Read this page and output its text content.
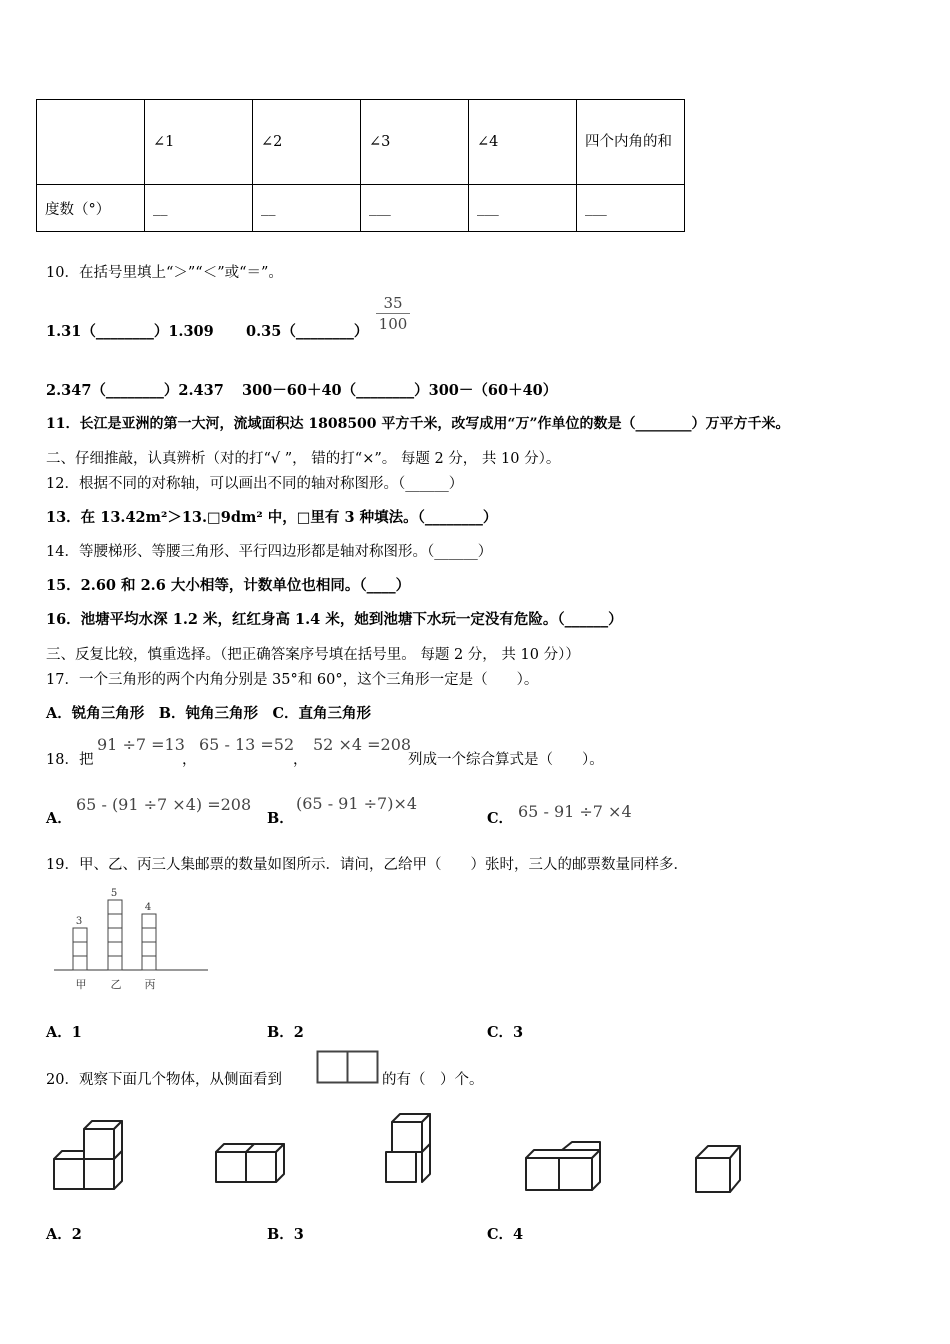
	∠1	∠2	∠3	∠4	四个内角的和
度数（°）	__	__	___	___	___
10．在括号里填上“＞”“＜”或“＝”。
1.31（________）1.309 0.35（________）
35
100
2.347（________）2.437 300－60＋40（________）300－（60＋40）
11．长江是亚洲的第一大河，流域面积达 1808500 平方千米，改写成用“万”作单位的数是（________）万平方千米。
二、仔细推敲，认真辨析（对的打“√ ”， 错的打“×”。 每题 2 分， 共 10 分）。
12．根据不同的对称轴，可以画出不同的轴对称图形。（______）
13．在 13.42m²＞13.□9dm² 中，□里有 3 种填法。（________）
14．等腰梯形、等腰三角形、平行四边形都是轴对称图形。（______）
15．2.60 和 2.6 大小相等，计数单位也相同。（____）
16．池塘平均水深 1.2 米，红红身高 1.4 米，她到池塘下水玩一定没有危险。（______）
三、反复比较，慎重选择。（把正确答案序号填在括号里。 每题 2 分， 共 10 分））
17．一个三角形的两个内角分别是 35°和 60°，这个三角形一定是（　　）。
A．锐角三角形　B．钝角三角形　C．直角三角形
18．把
91 ÷7 =13
，
65 - 13 =52
，
52 ×4 =208
列成一个综合算式是（　　）。
A．
65 - (91 ÷7 ×4) =208
B．
(65 - 91 ÷7)×4
C． 65 - 91 ÷7 ×4
19．甲、乙、丙三人集邮票的数量如图所示．请问，乙给甲（　　）张时，三人的邮票数量同样多．
3
甲
5
乙
4
丙
A．1	B．2	C．3
20．观察下面几个物体，从侧面看到	的有（　）个。
A．2	B．3	C．4
